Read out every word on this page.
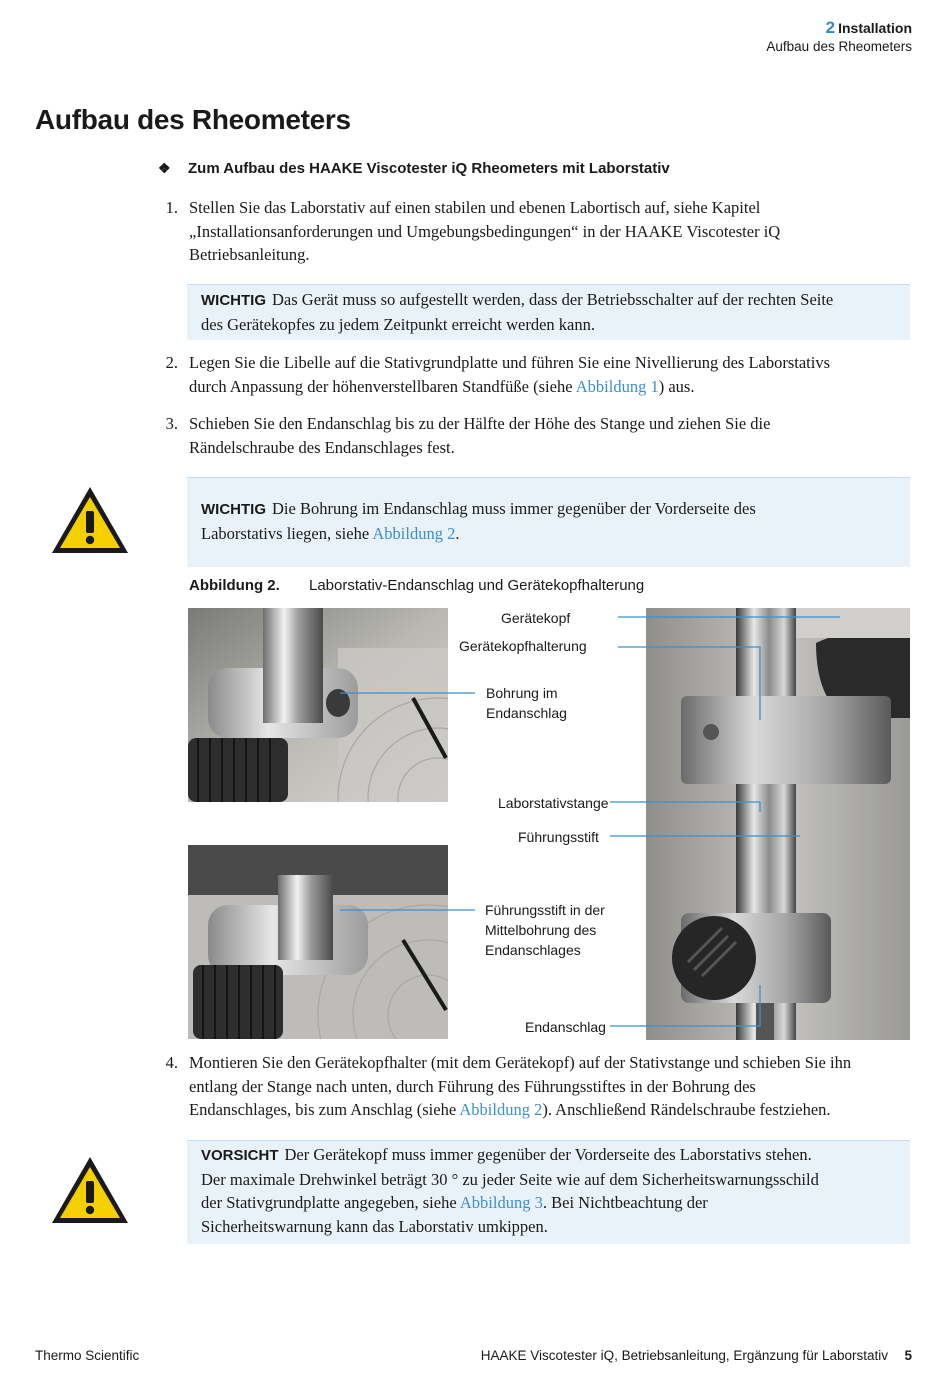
2 Installation
Aufbau des Rheometers
Aufbau des Rheometers
❖ Zum Aufbau des HAAKE Viscotester iQ Rheometers mit Laborstativ
1. Stellen Sie das Laborstativ auf einen stabilen und ebenen Labortisch auf, siehe Kapitel
„Installationsanforderungen und Umgebungsbedingungen“ in der HAAKE Viscotester iQ
Betriebsanleitung.
WICHTIG Das Gerät muss so aufgestellt werden, dass der Betriebsschalter auf der rechten Seite
des Gerätekopfes zu jedem Zeitpunkt erreicht werden kann.
2. Legen Sie die Libelle auf die Stativgrundplatte und führen Sie eine Nivellierung des Laborstativs
durch Anpassung der höhenverstellbaren Standfüße (siehe Abbildung 1) aus.
3. Schieben Sie den Endanschlag bis zu der Hälfte der Höhe des Stange und ziehen Sie die
Rändelschraube des Endanschlages fest.
WICHTIG Die Bohrung im Endanschlag muss immer gegenüber der Vorderseite des
Laborstativs liegen, siehe Abbildung 2.
Abbildung 2. Laborstativ-Endanschlag und Gerätekopfhalterung
Gerätekopf
Gerätekopfhalterung
Bohrung im
Endanschlag
Laborstativstange
Führungsstift
Führungsstift in der
Mittelbohrung des
Endanschlages
Endanschlag
4. Montieren Sie den Gerätekopfhalter (mit dem Gerätekopf) auf der Stativstange und schieben Sie ihn
entlang der Stange nach unten, durch Führung des Führungsstiftes in der Bohrung des
Endanschlages, bis zum Anschlag (siehe Abbildung 2). Anschließend Rändelschraube festziehen.
VORSICHT Der Gerätekopf muss immer gegenüber der Vorderseite des Laborstativs stehen.
Der maximale Drehwinkel beträgt 30 ° zu jeder Seite wie auf dem Sicherheitswarnungsschild
der Stativgrundplatte angegeben, siehe Abbildung 3. Bei Nichtbeachtung der
Sicherheitswarnung kann das Laborstativ umkippen.
Thermo Scientific	HAAKE Viscotester iQ, Betriebsanleitung, Ergänzung für Laborstativ 5
